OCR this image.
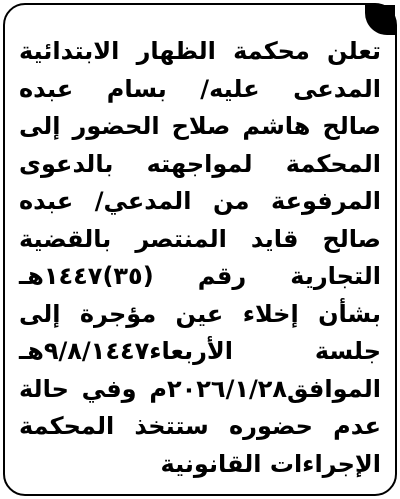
تعلن محكمة الظهار الابتدائية
المدعى عليه/ بسام عبده
صالح هاشم صلاح الحضور إلى
المحكمة لمواجهته بالدعوى
المرفوعة من المدعي/ عبده
صالح قايد المنتصر بالقضية
التجارية رقم (٣٥)١٤٤٧هـ
بشأن إخلاء عين مؤجرة إلى
جلسة الأربعاء٩/٨/١٤٤٧هـ
الموافق٢٠٢٦/١/٢٨م وفي حالة
عدم حضوره ستتخذ المحكمة
الإجراءات القانونية
